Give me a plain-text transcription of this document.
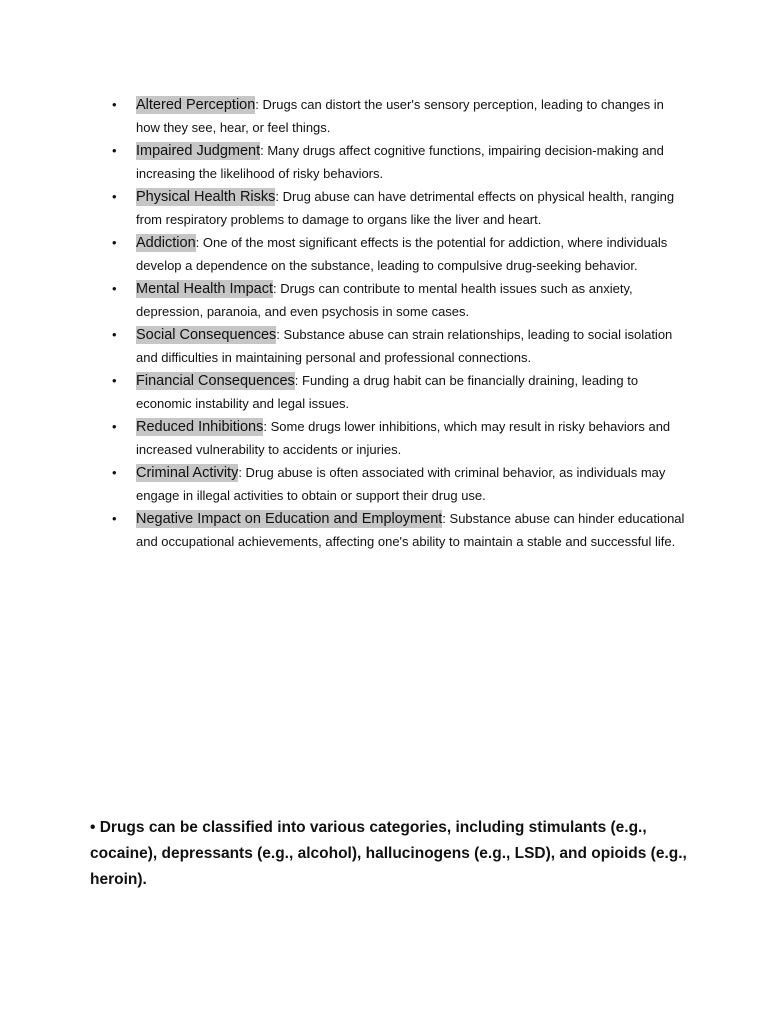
• Altered Perception: Drugs can distort the user's sensory perception, leading to changes in how they see, hear, or feel things.
• Impaired Judgment: Many drugs affect cognitive functions, impairing decision-making and increasing the likelihood of risky behaviors.
• Physical Health Risks: Drug abuse can have detrimental effects on physical health, ranging from respiratory problems to damage to organs like the liver and heart.
• Addiction: One of the most significant effects is the potential for addiction, where individuals develop a dependence on the substance, leading to compulsive drug-seeking behavior.
• Mental Health Impact: Drugs can contribute to mental health issues such as anxiety, depression, paranoia, and even psychosis in some cases.
• Social Consequences: Substance abuse can strain relationships, leading to social isolation and difficulties in maintaining personal and professional connections.
• Financial Consequences: Funding a drug habit can be financially draining, leading to economic instability and legal issues.
• Reduced Inhibitions: Some drugs lower inhibitions, which may result in risky behaviors and increased vulnerability to accidents or injuries.
• Criminal Activity: Drug abuse is often associated with criminal behavior, as individuals may engage in illegal activities to obtain or support their drug use.
• Negative Impact on Education and Employment: Substance abuse can hinder educational and occupational achievements, affecting one's ability to maintain a stable and successful life.

• Drugs can be classified into various categories, including stimulants (e.g., cocaine), depressants (e.g., alcohol), hallucinogens (e.g., LSD), and opioids (e.g., heroin).
